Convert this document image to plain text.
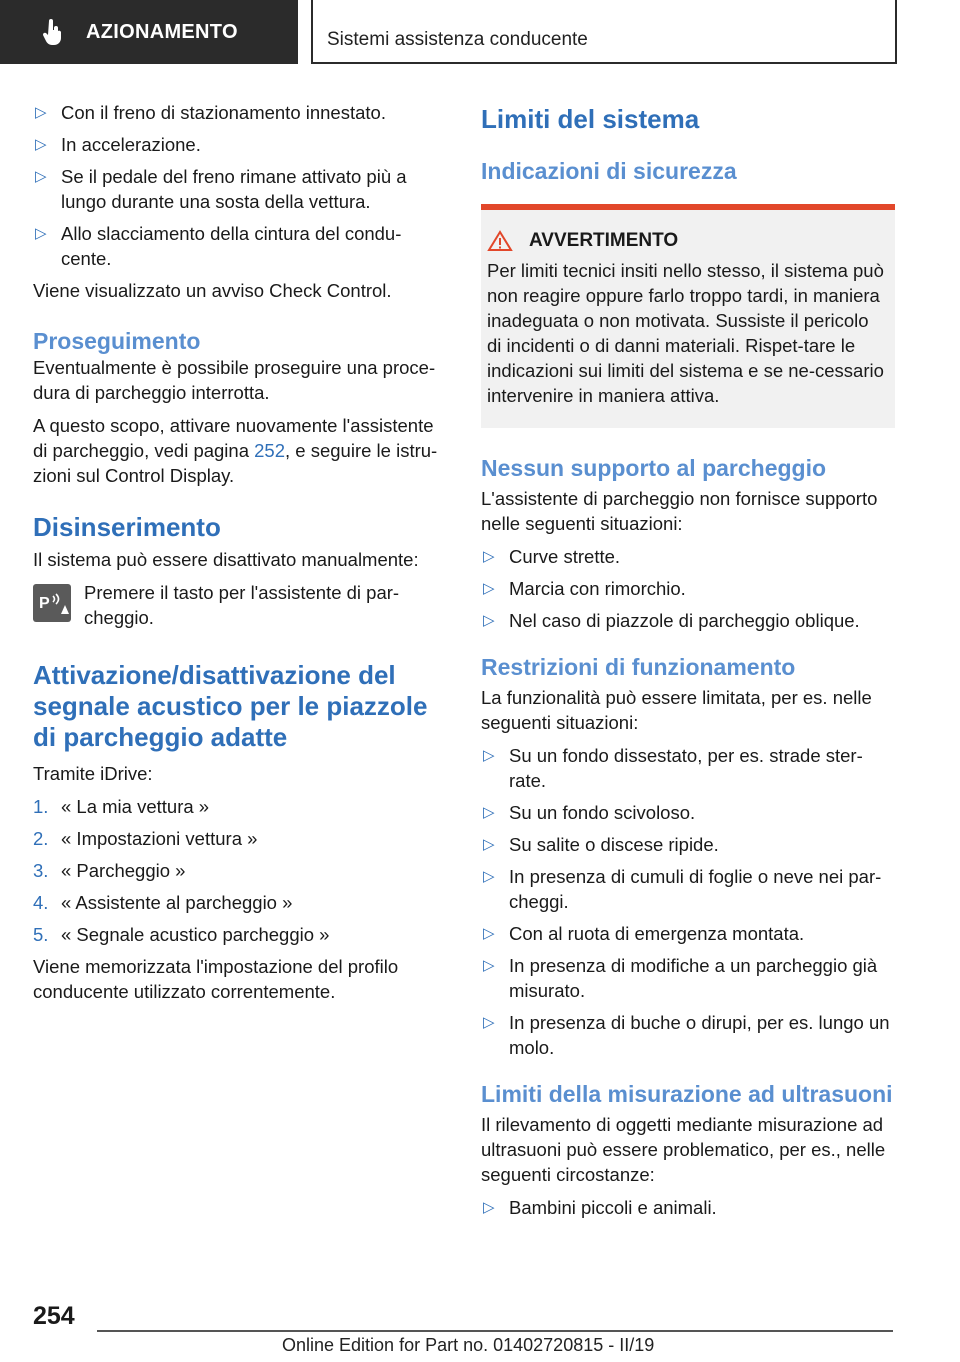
AZIONAMENTO	Sistemi assistenza conducente
▷ Con il freno di stazionamento innestato.
▷ In accelerazione.
▷ Se il pedale del freno rimane attivato più a lungo durante una sosta della vettura.
▷ Allo slacciamento della cintura del condu-cente.

Viene visualizzato un avviso Check Control.

Proseguimento

Eventualmente è possibile proseguire una proce-dura di parcheggio interrotta.

A questo scopo, attivare nuovamente l'assistente di parcheggio, vedi pagina 252, e seguire le istru-zioni sul Control Display.

Disinserimento

Il sistema può essere disattivato manualmente:

P

Premere il tasto per l'assistente di par-cheggio.

Attivazione/disattivazione del segnale acustico per le piazzole di parcheggio adatte

Tramite iDrive:

1. « La mia vettura »
2. « Impostazioni vettura »
3. « Parcheggio »
4. « Assistente al parcheggio »
5. « Segnale acustico parcheggio »

Viene memorizzata l'impostazione del profilo conducente utilizzato correntemente.

Limiti del sistema
Indicazioni di sicurezza
AVVERTIMENTO

Per limiti tecnici insiti nello stesso, il sistema può non reagire oppure farlo troppo tardi, in maniera inadeguata o non motivata. Sussiste il pericolo di incidenti o di danni materiali. Rispet-tare le indicazioni sui limiti del sistema e se ne-cessario intervenire in maniera attiva.

Nessun supporto al parcheggio

L'assistente di parcheggio non fornisce supporto nelle seguenti situazioni:

▷ Curve strette.
▷ Marcia con rimorchio.
▷ Nel caso di piazzole di parcheggio oblique.
Restrizioni di funzionamento

La funzionalità può essere limitata, per es. nelle seguenti situazioni:

▷ Su un fondo dissestato, per es. strade ster-rate.
▷ Su un fondo scivoloso.
▷ Su salite o discese ripide.
▷ In presenza di cumuli di foglie o neve nei par-cheggi.
▷ Con al ruota di emergenza montata.
▷ In presenza di modifiche a un parcheggio già misurato.
▷ In presenza di buche o dirupi, per es. lungo un molo.
Limiti della misurazione ad ultrasuoni

Il rilevamento di oggetti mediante misurazione ad ultrasuoni può essere problematico, per es., nelle seguenti circostanze:

▷ Bambini piccoli e animali.
254
Online Edition for Part no. 01402720815 - II/19
